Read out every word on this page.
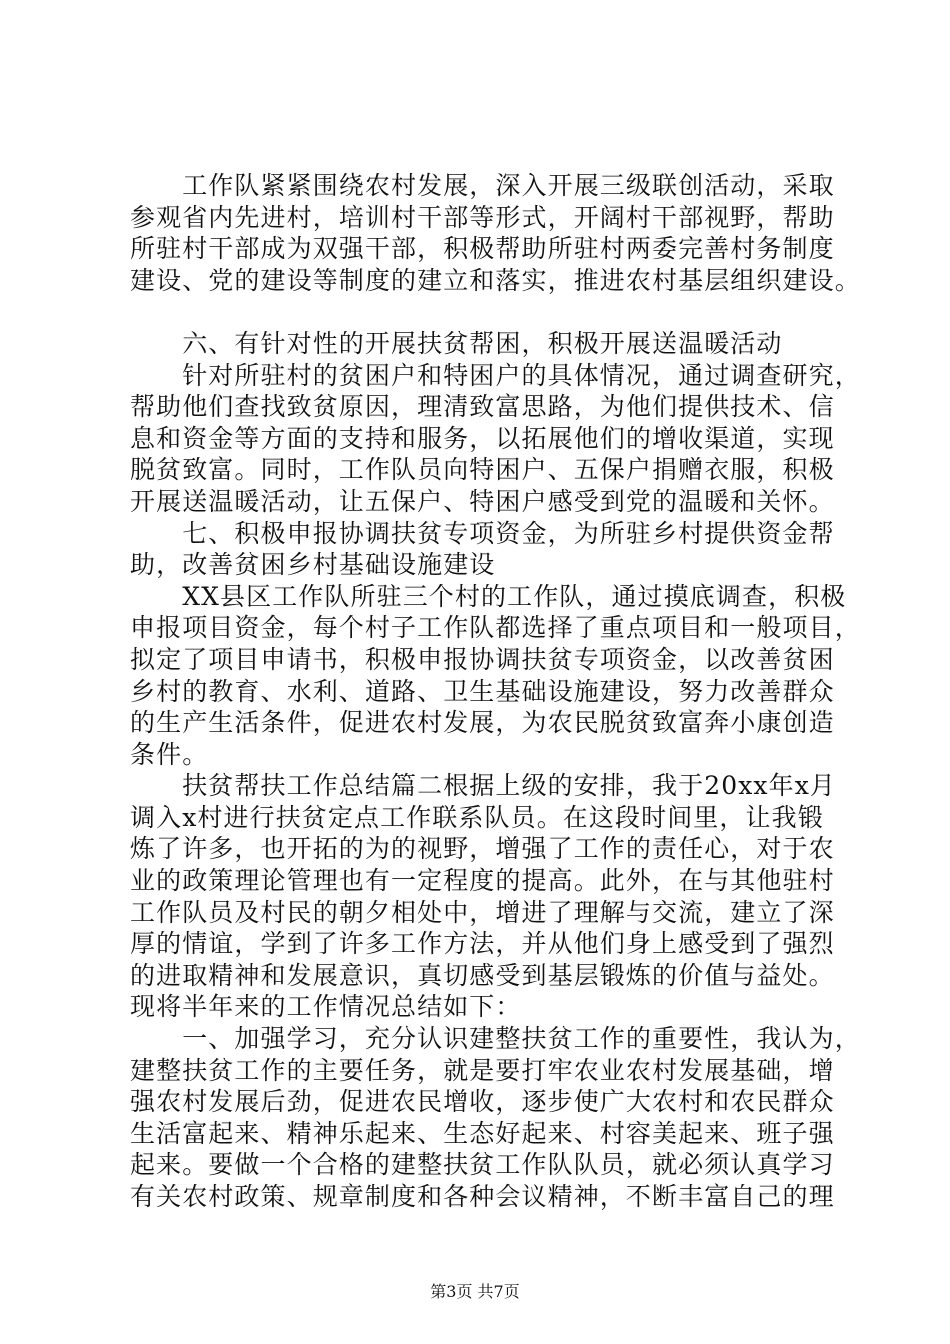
　　工作队紧紧围绕农村发展，深入开展三级联创活动，采取
参观省内先进村，培训村干部等形式，开阔村干部视野，帮助
所驻村干部成为双强干部，积极帮助所驻村两委完善村务制度
建设、党的建设等制度的建立和落实，推进农村基层组织建设。
　　六、有针对性的开展扶贫帮困，积极开展送温暖活动
　　针对所驻村的贫困户和特困户的具体情况，通过调查研究，
帮助他们查找致贫原因，理清致富思路，为他们提供技术、信
息和资金等方面的支持和服务，以拓展他们的增收渠道，实现
脱贫致富。同时，工作队员向特困户、五保户捐赠衣服，积极
开展送温暖活动，让五保户、特困户感受到党的温暖和关怀。
　　七、积极申报协调扶贫专项资金，为所驻乡村提供资金帮
助，改善贫困乡村基础设施建设
　　XX县区工作队所驻三个村的工作队，通过摸底调查，积极
申报项目资金，每个村子工作队都选择了重点项目和一般项目，
拟定了项目申请书，积极申报协调扶贫专项资金，以改善贫困
乡村的教育、水利、道路、卫生基础设施建设，努力改善群众
的生产生活条件，促进农村发展，为农民脱贫致富奔小康创造
条件。
　　扶贫帮扶工作总结篇二根据上级的安排，我于20xx年x月
调入x村进行扶贫定点工作联系队员。在这段时间里，让我锻
炼了许多，也开拓的为的视野，增强了工作的责任心，对于农
业的政策理论管理也有一定程度的提高。此外，在与其他驻村
工作队员及村民的朝夕相处中，增进了理解与交流，建立了深
厚的情谊，学到了许多工作方法，并从他们身上感受到了强烈
的进取精神和发展意识，真切感受到基层锻炼的价值与益处。
现将半年来的工作情况总结如下：
　　一、加强学习，充分认识建整扶贫工作的重要性，我认为，
建整扶贫工作的主要任务，就是要打牢农业农村发展基础，增
强农村发展后劲，促进农民增收，逐步使广大农村和农民群众
生活富起来、精神乐起来、生态好起来、村容美起来、班子强
起来。要做一个合格的建整扶贫工作队队员，就必须认真学习
有关农村政策、规章制度和各种会议精神，不断丰富自己的理
第3页 共7页
